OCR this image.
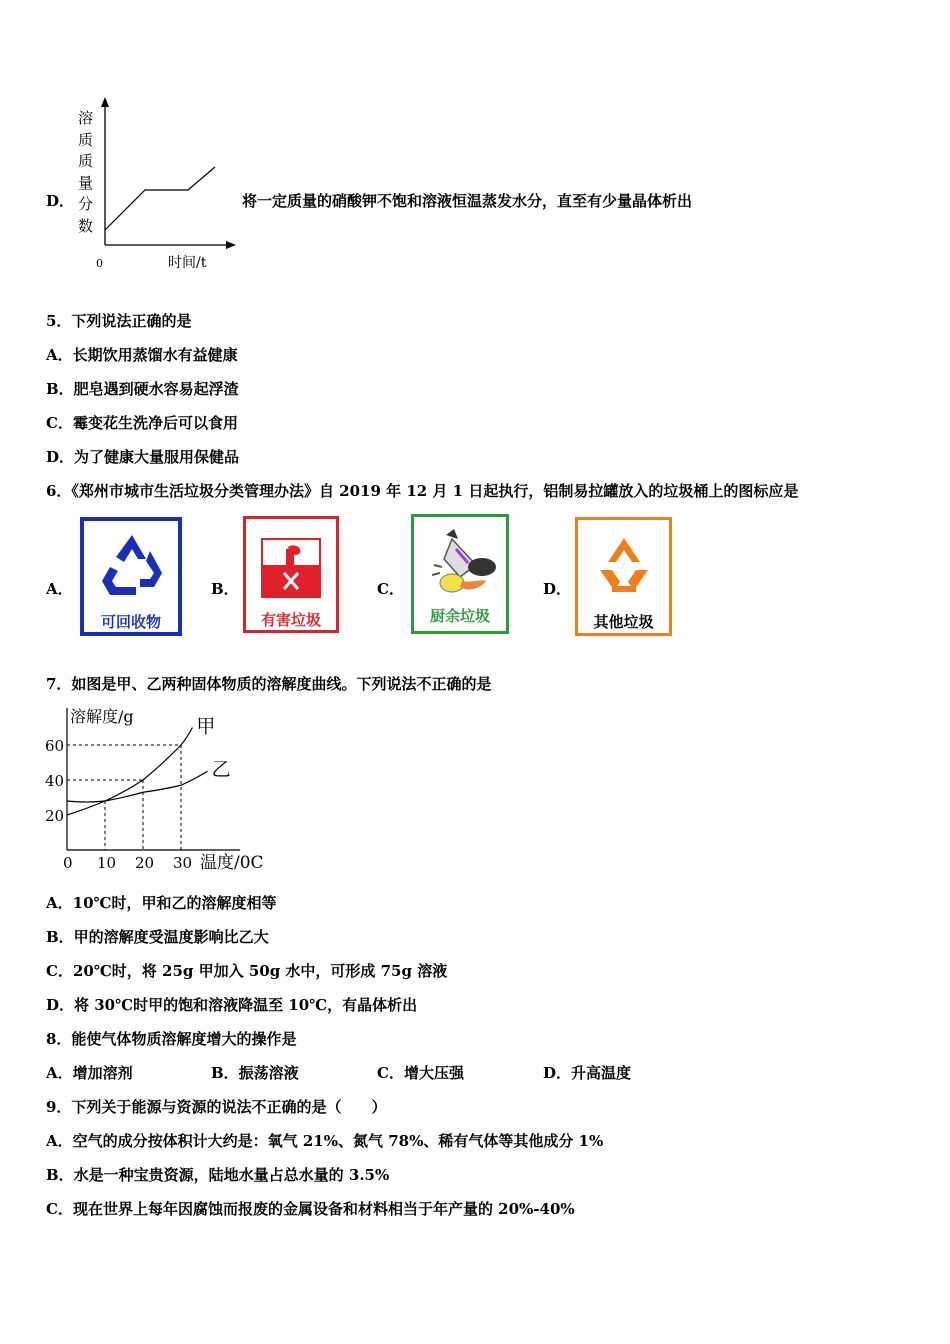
D．
0	时间/t
溶
质
质
量
分
数
将一定质量的硝酸钾不饱和溶液恒温蒸发水分，直至有少量晶体析出
5．下列说法正确的是
A．长期饮用蒸馏水有益健康
B．肥皂遇到硬水容易起浮渣
C．霉变花生洗净后可以食用
D．为了健康大量服用保健品
6．《郑州市城市生活垃圾分类管理办法》自 2019 年 12 月 1 日起执行，铝制易拉罐放入的垃圾桶上的图标应是
A．
可回收物
B．
有害垃圾
C．
厨余垃圾
D．
其他垃圾
7．如图是甲、乙两种固体物质的溶解度曲线。下列说法不正确的是
甲
乙
20
40
60
0 10 20 30
溶解度/g
温度/0C
A．10℃时，甲和乙的溶解度相等
B．甲的溶解度受温度影响比乙大
C．20℃时，将 25g 甲加入 50g 水中，可形成 75g 溶液
D．将 30℃时甲的饱和溶液降温至 10℃，有晶体析出
8．能使气体物质溶解度增大的操作是
A．增加溶剂	B．振荡溶液	C．增大压强	D．升高温度
9．下列关于能源与资源的说法不正确的是（　　）
A．空气的成分按体积计大约是：氧气 21%、氮气 78%、稀有气体等其他成分 1%
B．水是一种宝贵资源，陆地水量占总水量的 3.5%
C．现在世界上每年因腐蚀而报废的金属设备和材料相当于年产量的 20%-40%
